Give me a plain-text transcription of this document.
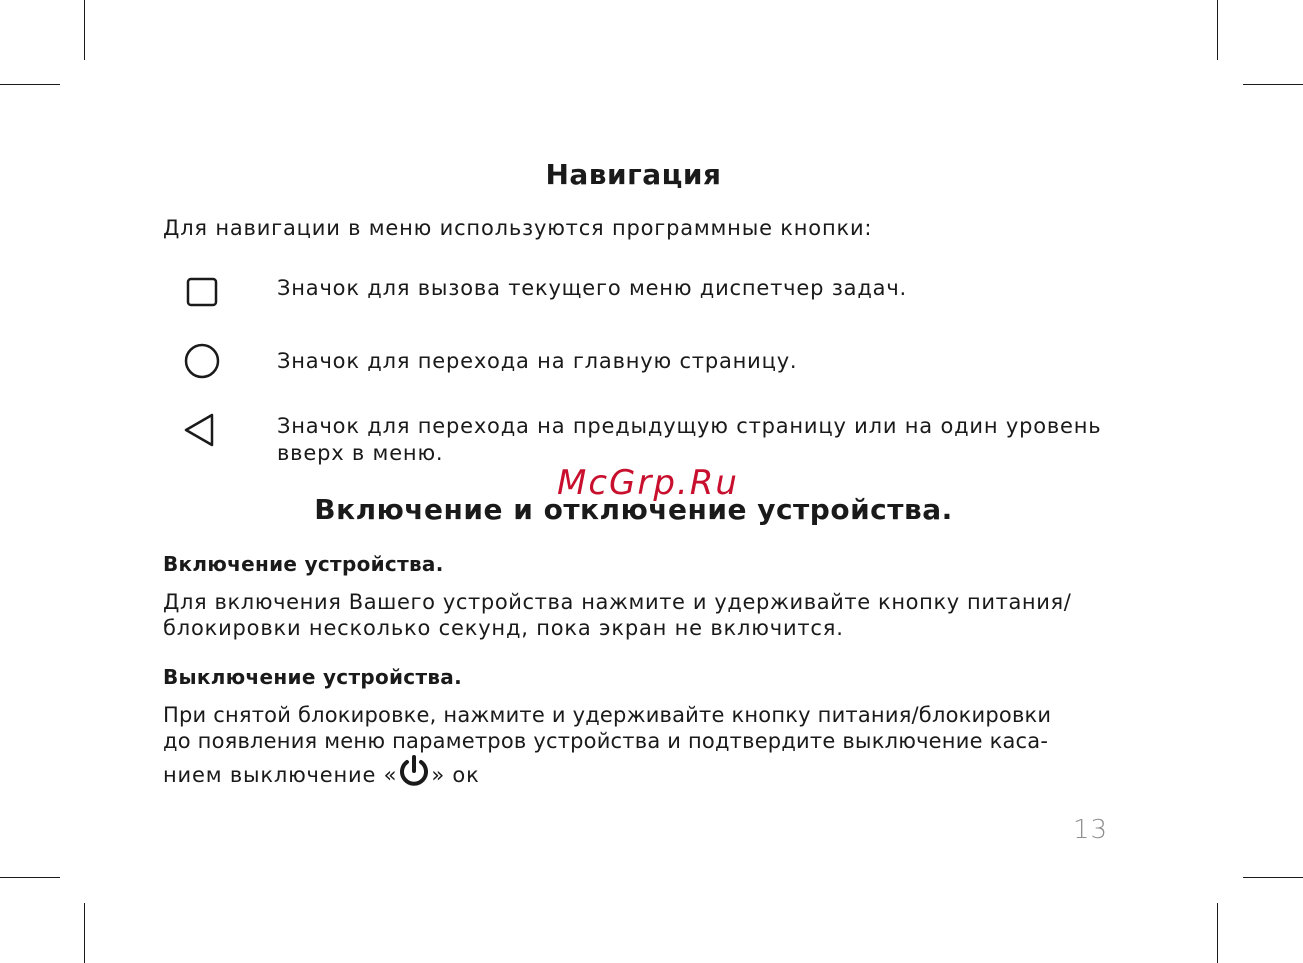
Навигация
Для навигации в меню используются программные кнопки:
Значок для вызова текущего меню диспетчер задач.
Значок для перехода на главную страницу.
Значок для перехода на предыдущую страницу или на один уровень
вверх в меню.
McGrp.Ru
Включение и отключение устройства.
Включение устройства.
Для включения Вашего устройства нажмите и удерживайте кнопку питания/
блокировки несколько секунд, пока экран не включится.
Выключение устройства.
При снятой блокировке, нажмите и удерживайте кнопку питания/блокировки
до появления меню параметров устройства и подтвердите выключение каса-
нием выключение « » ок
13
